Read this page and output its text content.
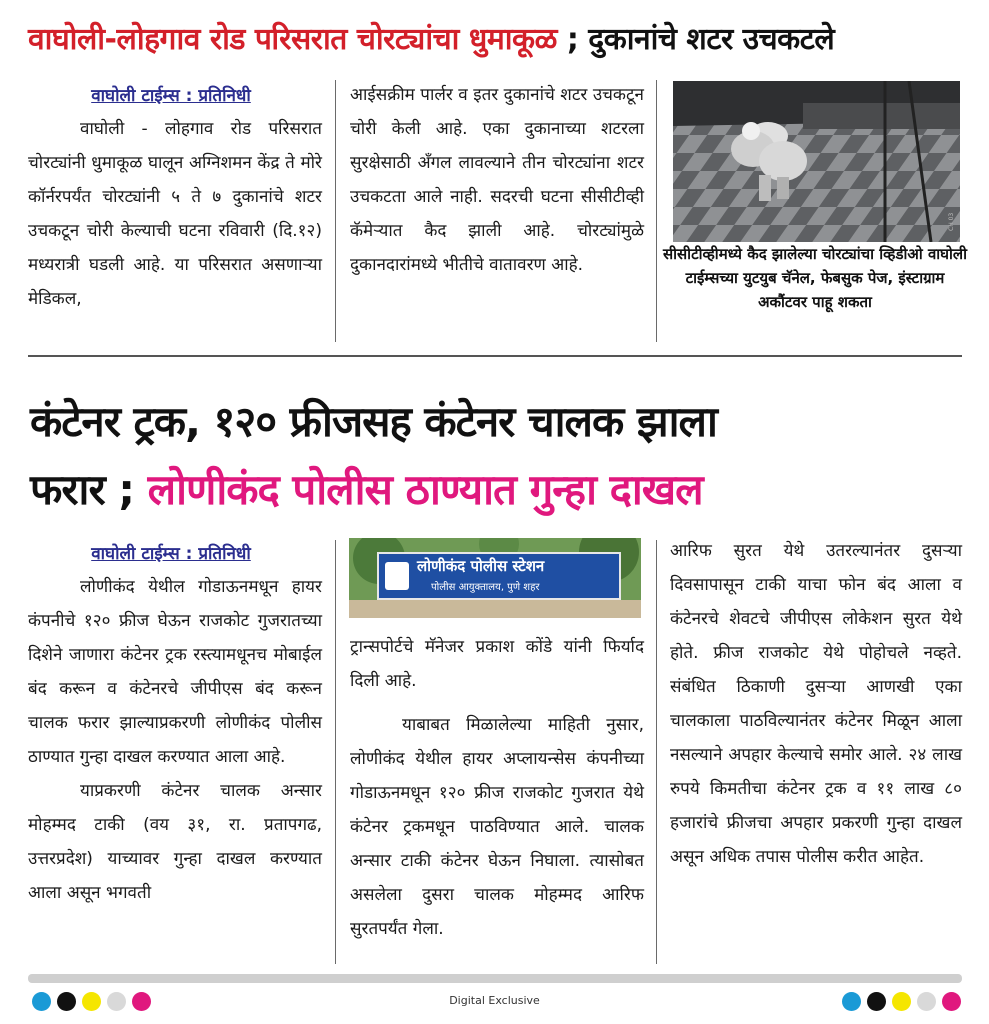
वाघोली-लोहगाव रोड परिसरात चोरट्यांचा धुमाकूळ ; दुकानांचे शटर उचकटले
वाघोली टाईम्स : प्रतिनिधी

वाघोली - लोहगाव रोड परिसरात चोरट्यांनी धुमाकूळ घालून अग्निशमन केंद्र ते मोरे कॉर्नरपर्यंत चोरट्यांनी ५ ते ७ दुकानांचे शटर उचकटून चोरी केल्याची घटना रविवारी (दि.१२) मध्यरात्री घडली आहे. या परिसरात असणाऱ्या मेडिकल,

आईसक्रीम पार्लर व इतर दुकानांचे शटर उचकटून चोरी केली आहे. एका दुकानाच्या शटरला सुरक्षेसाठी अँगल लावल्याने तीन चोरट्यांना शटर उचकटता आले नाही. सदरची घटना सीसीटीव्ही कॅमेऱ्यात कैद झाली आहे. चोरट्यांमुळे दुकानदारांमध्ये भीतीचे वातावरण आहे.

CH 03
सीसीटीव्हीमध्ये कैद झालेल्या चोरट्यांचा व्हिडीओ वाघोली टाईम्सच्या युटयुब चॅनेल, फेबसुक पेज, इंस्टाग्राम अकौंटवर पाहू शकता
कंटेनर ट्रक, १२० फ्रीजसह कंटेनर चालक झाला
फरार ; लोणीकंद पोलीस ठाण्यात गुन्हा दाखल
वाघोली टाईम्स : प्रतिनिधी

लोणीकंद येथील गोडाऊनमधून हायर कंपनीचे १२० फ्रीज घेऊन राजकोट गुजरातच्या दिशेने जाणारा कंटेनर ट्रक रस्त्यामधूनच मोबाईल बंद करून व कंटेनरचे जीपीएस बंद करून चालक फरार झाल्याप्रकरणी लोणीकंद पोलीस ठाण्यात गुन्हा दाखल करण्यात आला आहे.

याप्रकरणी कंटेनर चालक अन्सार मोहम्मद टाकी (वय ३१, रा. प्रतापगढ, उत्तरप्रदेश) याच्यावर गुन्हा दाखल करण्यात आला असून भगवती

लोणीकंद पोलीस स्टेशन
पोलीस आयुक्तालय, पुणे शहर

ट्रान्सपोर्टचे मॅनेजर प्रकाश कोंडे यांनी फिर्याद दिली आहे.

याबाबत मिळालेल्या माहिती नुसार, लोणीकंद येथील हायर अप्लायन्सेस कंपनीच्या गोडाऊनमधून १२० फ्रीज राजकोट गुजरात येथे कंटेनर ट्रकमधून पाठविण्यात आले. चालक अन्सार टाकी कंटेनर घेऊन निघाला. त्यासोबत असलेला दुसरा चालक मोहम्मद आरिफ सुरतपर्यंत गेला.

आरिफ सुरत येथे उतरल्यानंतर दुसऱ्या दिवसापासून टाकी याचा फोन बंद आला व कंटेनरचे शेवटचे जीपीएस लोकेशन सुरत येथे होते. फ्रीज राजकोट येथे पोहोचले नव्हते. संबंधित ठिकाणी दुसऱ्या आणखी एका चालकाला पाठविल्यानंतर कंटेनर मिळून आला नसल्याने अपहार केल्याचे समोर आले. २४ लाख रुपये किमतीचा कंटेनर ट्रक व ११ लाख ८० हजारांचे फ्रीजचा अपहार प्रकरणी गुन्हा दाखल असून अधिक तपास पोलीस करीत आहेत.

Digital Exclusive
